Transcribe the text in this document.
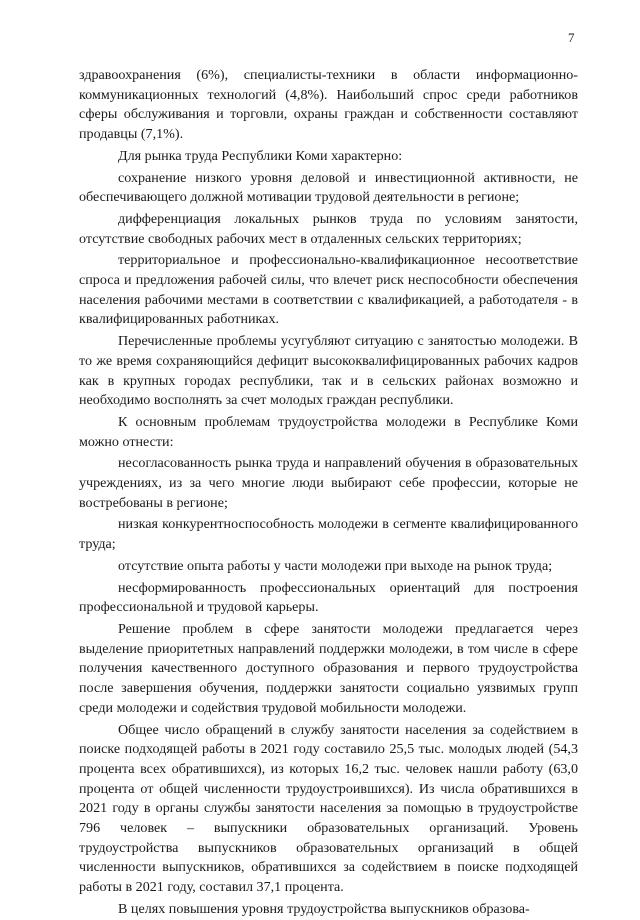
7

здравоохранения (6%), специалисты-техники в области информационно-коммуникационных технологий (4,8%). Наибольший спрос среди работников сферы обслуживания и торговли, охраны граждан и собственности составляют продавцы (7,1%).

Для рынка труда Республики Коми характерно:

сохранение низкого уровня деловой и инвестиционной активности, не обеспечивающего должной мотивации трудовой деятельности в регионе;

дифференциация локальных рынков труда по условиям занятости, отсутствие свободных рабочих мест в отдаленных сельских территориях;

территориальное и профессионально-квалификационное несоответствие спроса и предложения рабочей силы, что влечет риск неспособности обеспечения населения рабочими местами в соответствии с квалификацией, а работодателя - в квалифицированных работниках.

Перечисленные проблемы усугубляют ситуацию с занятостью молодежи. В то же время сохраняющийся дефицит высококвалифицированных рабочих кадров как в крупных городах республики, так и в сельских районах возможно и необходимо восполнять за счет молодых граждан республики.

К основным проблемам трудоустройства молодежи в Республике Коми можно отнести:

несогласованность рынка труда и направлений обучения в образовательных учреждениях, из за чего многие люди выбирают себе профессии, которые не востребованы в регионе;

низкая конкурентноспособность молодежи в сегменте квалифицированного труда;

отсутствие опыта работы у части молодежи при выходе на рынок труда;

несформированность профессиональных ориентаций для построения профессиональной и трудовой карьеры.

Решение проблем в сфере занятости молодежи предлагается через выделение приоритетных направлений поддержки молодежи, в том числе в сфере получения качественного доступного образования и первого трудоустройства после завершения обучения, поддержки занятости социально уязвимых групп среди молодежи и содействия трудовой мобильности молодежи.

Общее число обращений в службу занятости населения за содействием в поиске подходящей работы в 2021 году составило 25,5 тыс. молодых людей (54,3 процента всех обратившихся), из которых 16,2 тыс. человек нашли работу (63,0 процента от общей численности трудоустроившихся). Из числа обратившихся в 2021 году в органы службы занятости населения за помощью в трудоустройстве 796 человек – выпускники образовательных организаций. Уровень трудоустройства выпускников образовательных организаций в общей численности выпускников, обратившихся за содействием в поиске подходящей работы в 2021 году, составил 37,1 процента.

В целях повышения уровня трудоустройства выпускников образова-
